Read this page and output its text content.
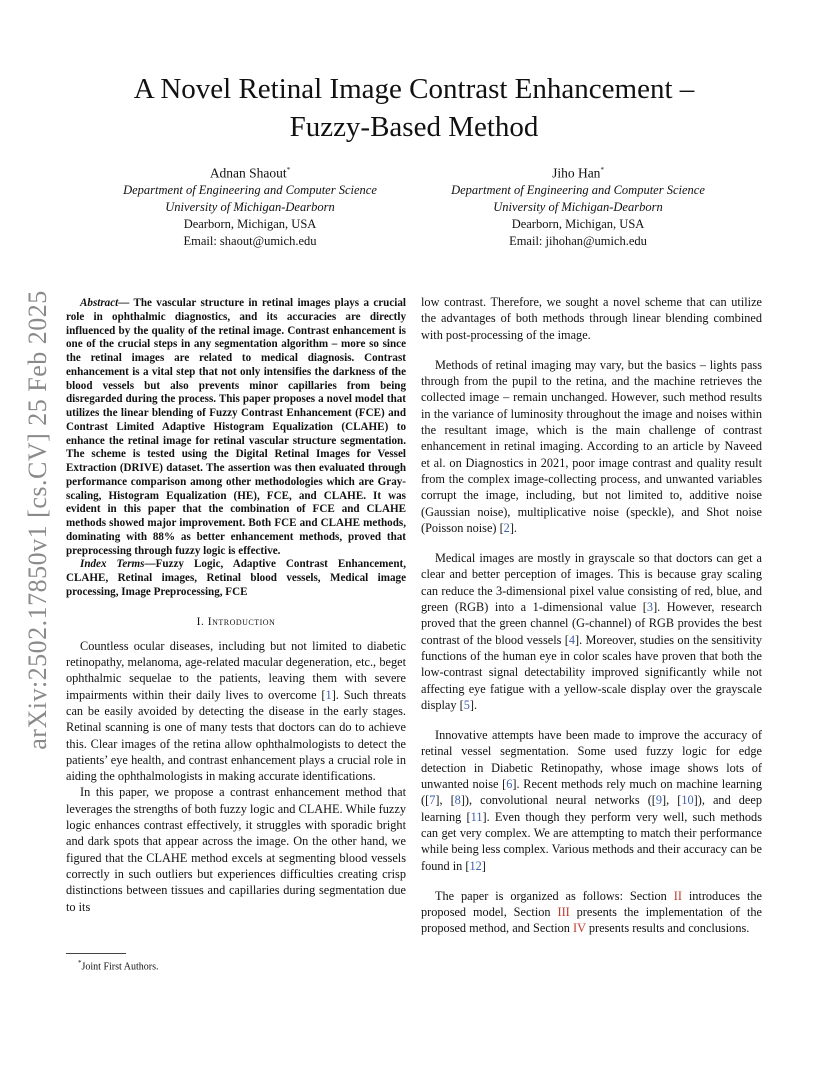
A Novel Retinal Image Contrast Enhancement –
Fuzzy-Based Method
Adnan Shaout*
Department of Engineering and Computer Science
University of Michigan-Dearborn
Dearborn, Michigan, USA
Email: shaout@umich.edu
Jiho Han*
Department of Engineering and Computer Science
University of Michigan-Dearborn
Dearborn, Michigan, USA
Email: jihohan@umich.edu
arXiv:2502.17850v1 [cs.CV] 25 Feb 2025	Abstract— The vascular structure in retinal images plays a crucial role in ophthalmic diagnostics, and its accuracies are directly influenced by the quality of the retinal image. Contrast enhancement is one of the crucial steps in any segmentation algorithm – more so since the retinal images are related to medical diagnosis. Contrast enhancement is a vital step that not only intensifies the darkness of the blood vessels but also prevents minor capillaries from being disregarded during the process. This paper proposes a novel model that utilizes the linear blending of Fuzzy Contrast Enhancement (FCE) and Contrast Limited Adaptive Histogram Equalization (CLAHE) to enhance the retinal image for retinal vascular structure segmentation. The scheme is tested using the Digital Retinal Images for Vessel Extraction (DRIVE) dataset. The assertion was then evaluated through performance comparison among other methodologies which are Gray-scaling, Histogram Equalization (HE), FCE, and CLAHE. It was evident in this paper that the combination of FCE and CLAHE methods showed major improvement. Both FCE and CLAHE methods, dominating with 88% as better enhancement methods, proved that preprocessing through fuzzy logic is effective.

Index Terms—Fuzzy Logic, Adaptive Contrast Enhancement, CLAHE, Retinal images, Retinal blood vessels, Medical image processing, Image Preprocessing, FCE

I. Introduction

Countless ocular diseases, including but not limited to diabetic retinopathy, melanoma, age-related macular degeneration, etc., beget ophthalmic sequelae to the patients, leaving them with severe impairments within their daily lives to overcome [1]. Such threats can be easily avoided by detecting the disease in the early stages. Retinal scanning is one of many tests that doctors can do to achieve this. Clear images of the retina allow ophthalmologists to detect the patients’ eye health, and contrast enhancement plays a crucial role in aiding the ophthalmologists in making accurate identifications.

In this paper, we propose a contrast enhancement method that leverages the strengths of both fuzzy logic and CLAHE. While fuzzy logic enhances contrast effectively, it struggles with sporadic bright and dark spots that appear across the image. On the other hand, we figured that the CLAHE method excels at segmenting blood vessels correctly in such outliers but experiences difficulties creating crisp distinctions between tissues and capillaries during segmentation due to its

*Joint First Authors.

low contrast. Therefore, we sought a novel scheme that can utilize the advantages of both methods through linear blending combined with post-processing of the image.

Methods of retinal imaging may vary, but the basics – lights pass through from the pupil to the retina, and the machine retrieves the collected image – remain unchanged. However, such method results in the variance of luminosity throughout the image and noises within the resultant image, which is the main challenge of contrast enhancement in retinal imaging. According to an article by Naveed et al. on Diagnostics in 2021, poor image contrast and quality result from the complex image-collecting process, and unwanted variables corrupt the image, including, but not limited to, additive noise (Gaussian noise), multiplicative noise (speckle), and Shot noise (Poisson noise) [2].

Medical images are mostly in grayscale so that doctors can get a clear and better perception of images. This is because gray scaling can reduce the 3-dimensional pixel value consisting of red, blue, and green (RGB) into a 1-dimensional value [3]. However, research proved that the green channel (G-channel) of RGB provides the best contrast of the blood vessels [4]. Moreover, studies on the sensitivity functions of the human eye in color scales have proven that both the low-contrast signal detectability improved significantly while not affecting eye fatigue with a yellow-scale display over the grayscale display [5].

Innovative attempts have been made to improve the accuracy of retinal vessel segmentation. Some used fuzzy logic for edge detection in Diabetic Retinopathy, whose image shows lots of unwanted noise [6]. Recent methods rely much on machine learning ([7], [8]), convolutional neural networks ([9], [10]), and deep learning [11]. Even though they perform very well, such methods can get very complex. We are attempting to match their performance while being less complex. Various methods and their accuracy can be found in [12]

The paper is organized as follows: Section II introduces the proposed model, Section III presents the implementation of the proposed method, and Section IV presents results and conclusions.
